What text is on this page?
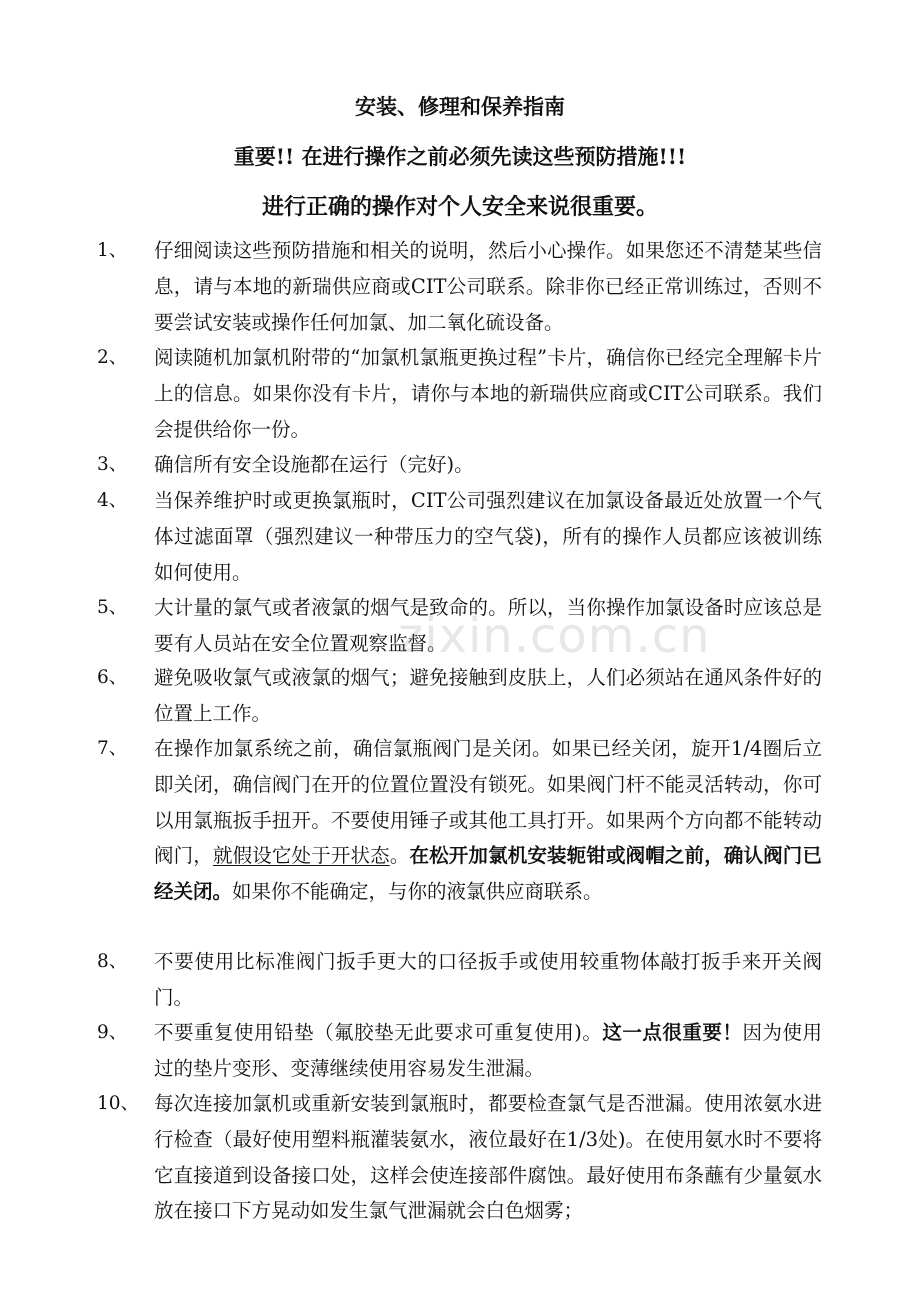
安装、修理和保养指南
重要!! 在进行操作之前必须先读这些预防措施!!!
进行正确的操作对个人安全来说很重要。
1、 仔细阅读这些预防措施和相关的说明，然后小心操作。如果您还不清楚某些信息，请与本地的新瑞供应商或CIT公司联系。除非你已经正常训练过，否则不要尝试安装或操作任何加氯、加二氧化硫设备。
2、 阅读随机加氯机附带的“加氯机氯瓶更换过程”卡片，确信你已经完全理解卡片上的信息。如果你没有卡片，请你与本地的新瑞供应商或CIT公司联系。我们会提供给你一份。
3、 确信所有安全设施都在运行（完好)。
4、 当保养维护时或更换氯瓶时，CIT公司强烈建议在加氯设备最近处放置一个气体过滤面罩（强烈建议一种带压力的空气袋)，所有的操作人员都应该被训练如何使用。
5、 大计量的氯气或者液氯的烟气是致命的。所以，当你操作加氯设备时应该总是要有人员站在安全位置观察监督。
6、 避免吸收氯气或液氯的烟气；避免接触到皮肤上，人们必须站在通风条件好的位置上工作。
7、 在操作加氯系统之前，确信氯瓶阀门是关闭。如果已经关闭，旋开1/4圈后立即关闭，确信阀门在开的位置位置没有锁死。如果阀门杆不能灵活转动，你可以用氯瓶扳手扭开。不要使用锤子或其他工具打开。如果两个方向都不能转动阀门，就假设它处于开状态。在松开加氯机安装轭钳或阀帽之前，确认阀门已经关闭。如果你不能确定，与你的液氯供应商联系。
8、 不要使用比标准阀门扳手更大的口径扳手或使用较重物体敲打扳手来开关阀门。
9、 不要重复使用铅垫（氟胶垫无此要求可重复使用)。这一点很重要！因为使用过的垫片变形、变薄继续使用容易发生泄漏。
10、 每次连接加氯机或重新安装到氯瓶时，都要检查氯气是否泄漏。使用浓氨水进行检查（最好使用塑料瓶灌装氨水，液位最好在1/3处)。在使用氨水时不要将它直接道到设备接口处，这样会使连接部件腐蚀。最好使用布条蘸有少量氨水放在接口下方晃动如发生氯气泄漏就会白色烟雾；
zixin.com.cn
